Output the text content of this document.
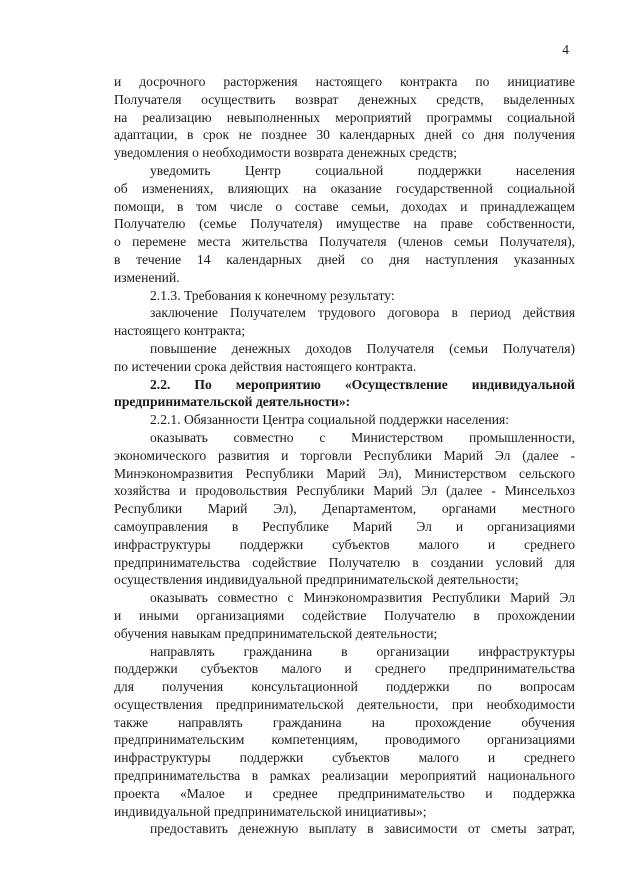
4
и досрочного расторжения настоящего контракта по инициативе
Получателя осуществить возврат денежных средств, выделенных
на реализацию невыполненных мероприятий программы социальной
адаптации, в срок не позднее 30 календарных дней со дня получения
уведомления о необходимости возврата денежных средств;
уведомить Центр социальной поддержки населения
об изменениях, влияющих на оказание государственной социальной
помощи, в том числе о составе семьи, доходах и принадлежащем
Получателю (семье Получателя) имуществе на праве собственности,
о перемене места жительства Получателя (членов семьи Получателя),
в течение 14 календарных дней со дня наступления указанных
изменений.
2.1.3. Требования к конечному результату:
заключение Получателем трудового договора в период действия
настоящего контракта;
повышение денежных доходов Получателя (семьи Получателя)
по истечении срока действия настоящего контракта.
2.2. По мероприятию «Осуществление индивидуальной
предпринимательской деятельности»:
2.2.1. Обязанности Центра социальной поддержки населения:
оказывать совместно с Министерством промышленности,
экономического развития и торговли Республики Марий Эл (далее -
Минэкономразвития Республики Марий Эл), Министерством сельского
хозяйства и продовольствия Республики Марий Эл (далее - Минсельхоз
Республики Марий Эл), Департаментом, органами местного
самоуправления в Республике Марий Эл и организациями
инфраструктуры поддержки субъектов малого и среднего
предпринимательства содействие Получателю в создании условий для
осуществления индивидуальной предпринимательской деятельности;
оказывать совместно с Минэкономразвития Республики Марий Эл
и иными организациями содействие Получателю в прохождении
обучения навыкам предпринимательской деятельности;
направлять гражданина в организации инфраструктуры
поддержки субъектов малого и среднего предпринимательства
для получения консультационной поддержки по вопросам
осуществления предпринимательской деятельности, при необходимости
также направлять гражданина на прохождение обучения
предпринимательским компетенциям, проводимого организациями
инфраструктуры поддержки субъектов малого и среднего
предпринимательства в рамках реализации мероприятий национального
проекта «Малое и среднее предпринимательство и поддержка
индивидуальной предпринимательской инициативы»;
предоставить денежную выплату в зависимости от сметы затрат,
